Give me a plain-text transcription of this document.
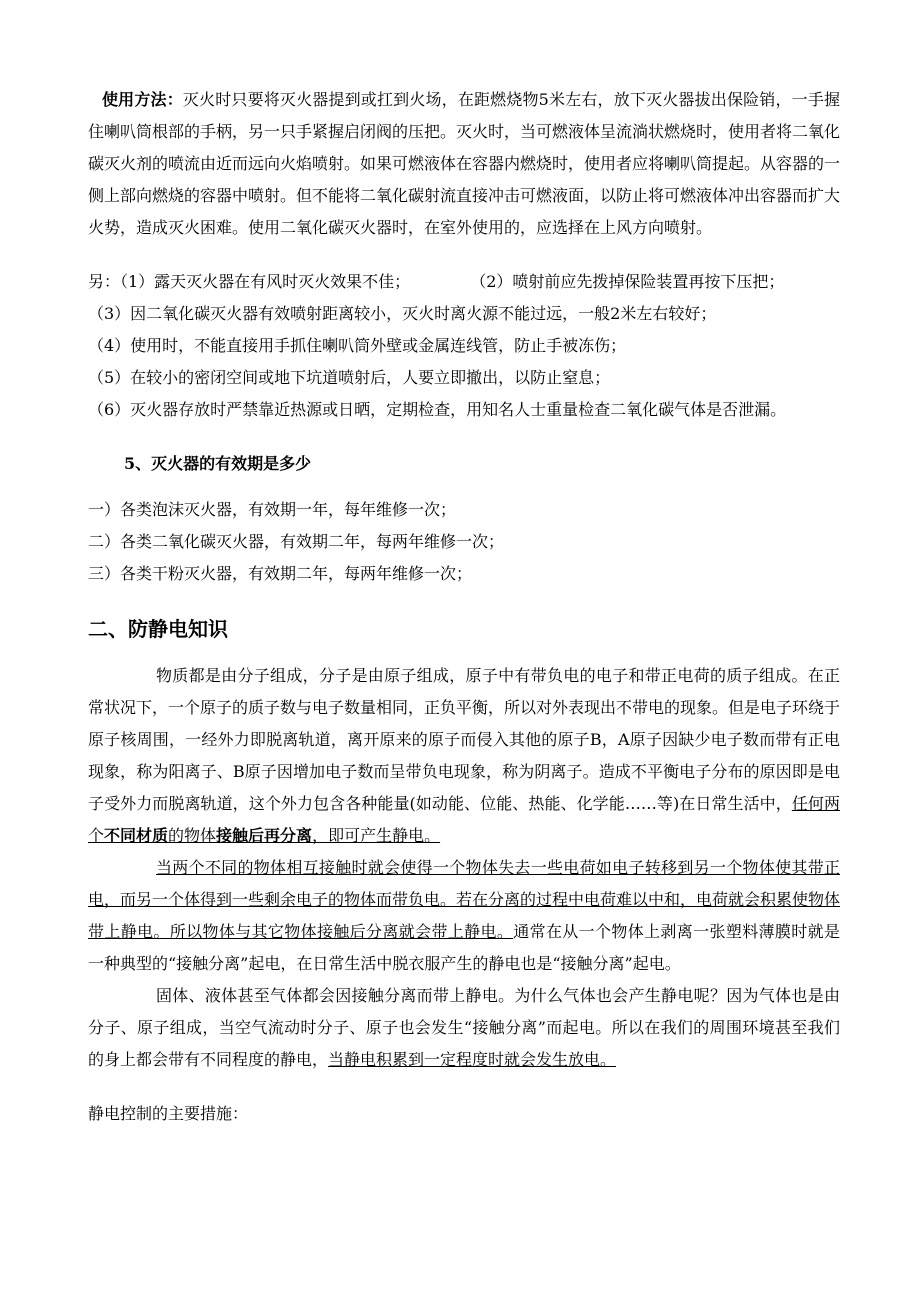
使用方法：灭火时只要将灭火器提到或扛到火场，在距燃烧物5米左右，放下灭火器拔出保险销，一手握住喇叭筒根部的手柄，另一只手紧握启闭阀的压把。灭火时，当可燃液体呈流淌状燃烧时，使用者将二氧化碳灭火剂的喷流由近而远向火焰喷射。如果可燃液体在容器内燃烧时，使用者应将喇叭筒提起。从容器的一侧上部向燃烧的容器中喷射。但不能将二氧化碳射流直接冲击可燃液面，以防止将可燃液体冲出容器而扩大火势，造成灭火困难。使用二氧化碳灭火器时，在室外使用的，应选择在上风方向喷射。

另：（1）露天灭火器在有风时灭火效果不佳；	（2）喷射前应先拨掉保险装置再按下压把；

（3）因二氧化碳灭火器有效喷射距离较小，灭火时离火源不能过远，一般2米左右较好；

（4）使用时，不能直接用手抓住喇叭筒外壁或金属连线管，防止手被冻伤；

（5）在较小的密闭空间或地下坑道喷射后，人要立即撤出，以防止窒息；

（6）灭火器存放时严禁靠近热源或日晒，定期检查，用知名人士重量检查二氧化碳气体是否泄漏。

5、灭火器的有效期是多少

一）各类泡沫灭火器，有效期一年，每年维修一次；

二）各类二氧化碳灭火器，有效期二年，每两年维修一次；

三）各类干粉灭火器，有效期二年，每两年维修一次；

二、防静电知识

物质都是由分子组成，分子是由原子组成，原子中有带负电的电子和带正电荷的质子组成。在正常状况下，一个原子的质子数与电子数量相同，正负平衡，所以对外表现出不带电的现象。但是电子环绕于原子核周围，一经外力即脱离轨道，离开原来的原子而侵入其他的原子B，A原子因缺少电子数而带有正电现象，称为阳离子、B原子因增加电子数而呈带负电现象，称为阴离子。造成不平衡电子分布的原因即是电子受外力而脱离轨道，这个外力包含各种能量(如动能、位能、热能、化学能……等)在日常生活中，任何两个不同材质的物体接触后再分离，即可产生静电。

当两个不同的物体相互接触时就会使得一个物体失去一些电荷如电子转移到另一个物体使其带正电，而另一个体得到一些剩余电子的物体而带负电。若在分离的过程中电荷难以中和，电荷就会积累使物体带上静电。所以物体与其它物体接触后分离就会带上静电。通常在从一个物体上剥离一张塑料薄膜时就是一种典型的“接触分离”起电，在日常生活中脱衣服产生的静电也是“接触分离”起电。

固体、液体甚至气体都会因接触分离而带上静电。为什么气体也会产生静电呢？因为气体也是由分子、原子组成，当空气流动时分子、原子也会发生“接触分离”而起电。所以在我们的周围环境甚至我们的身上都会带有不同程度的静电，当静电积累到一定程度时就会发生放电。

静电控制的主要措施：
